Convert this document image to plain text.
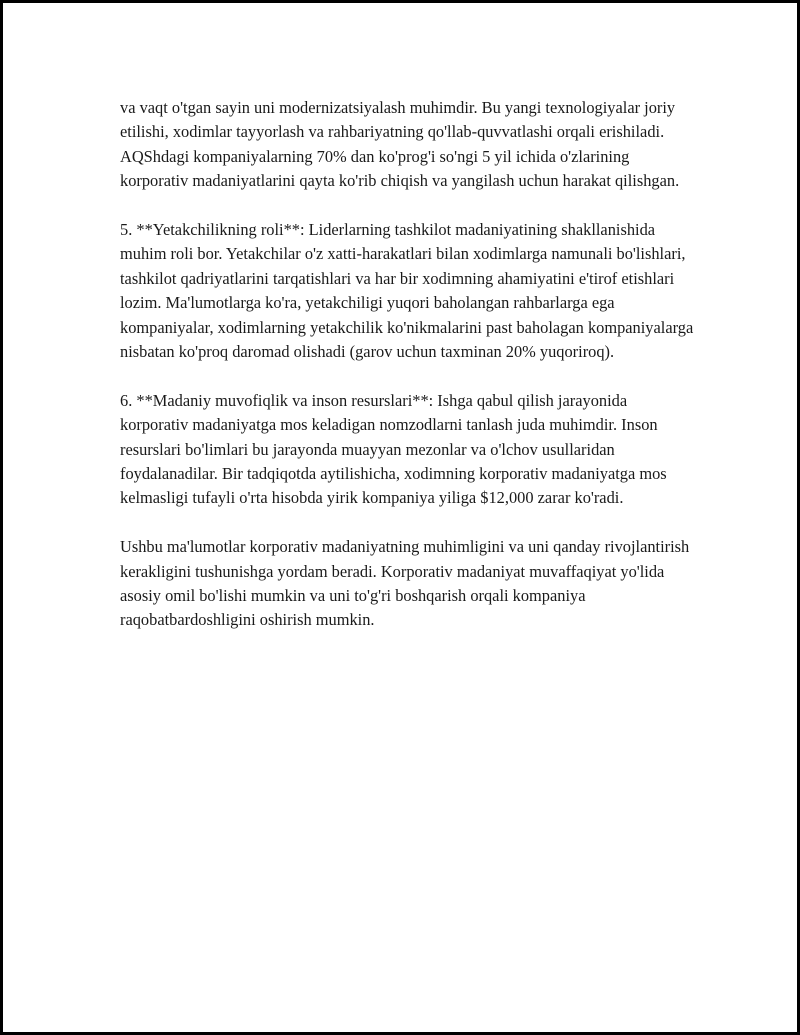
va vaqt o'tgan sayin uni modernizatsiyalash muhimdir. Bu yangi texnologiyalar joriy etilishi, xodimlar tayyorlash va rahbariyatning qo'llab-quvvatlashi orqali erishiladi. AQShdagi kompaniyalarning 70% dan ko'prog'i so'ngi 5 yil ichida o'zlarining korporativ madaniyatlarini qayta ko'rib chiqish va yangilash uchun harakat qilishgan.

5. **Yetakchilikning roli**: Liderlarning tashkilot madaniyatining shakllanishida muhim roli bor. Yetakchilar o'z xatti-harakatlari bilan xodimlarga namunali bo'lishlari, tashkilot qadriyatlarini tarqatishlari va har bir xodimning ahamiyatini e'tirof etishlari lozim. Ma'lumotlarga ko'ra, yetakchiligi yuqori baholangan rahbarlarga ega kompaniyalar, xodimlarning yetakchilik ko'nikmalarini past baholagan kompaniyalarga nisbatan ko'proq daromad olishadi (garov uchun taxminan 20% yuqoriroq).

6. **Madaniy muvofiqlik va inson resurslari**: Ishga qabul qilish jarayonida korporativ madaniyatga mos keladigan nomzodlarni tanlash juda muhimdir. Inson resurslari bo'limlari bu jarayonda muayyan mezonlar va o'lchov usullaridan foydalanadilar. Bir tadqiqotda aytilishicha, xodimning korporativ madaniyatga mos kelmasligi tufayli o'rta hisobda yirik kompaniya yiliga $12,000 zarar ko'radi.

Ushbu ma'lumotlar korporativ madaniyatning muhimligini va uni qanday rivojlantirish kerakligini tushunishga yordam beradi. Korporativ madaniyat muvaffaqiyat yo'lida asosiy omil bo'lishi mumkin va uni to'g'ri boshqarish orqali kompaniya raqobatbardoshligini oshirish mumkin.
